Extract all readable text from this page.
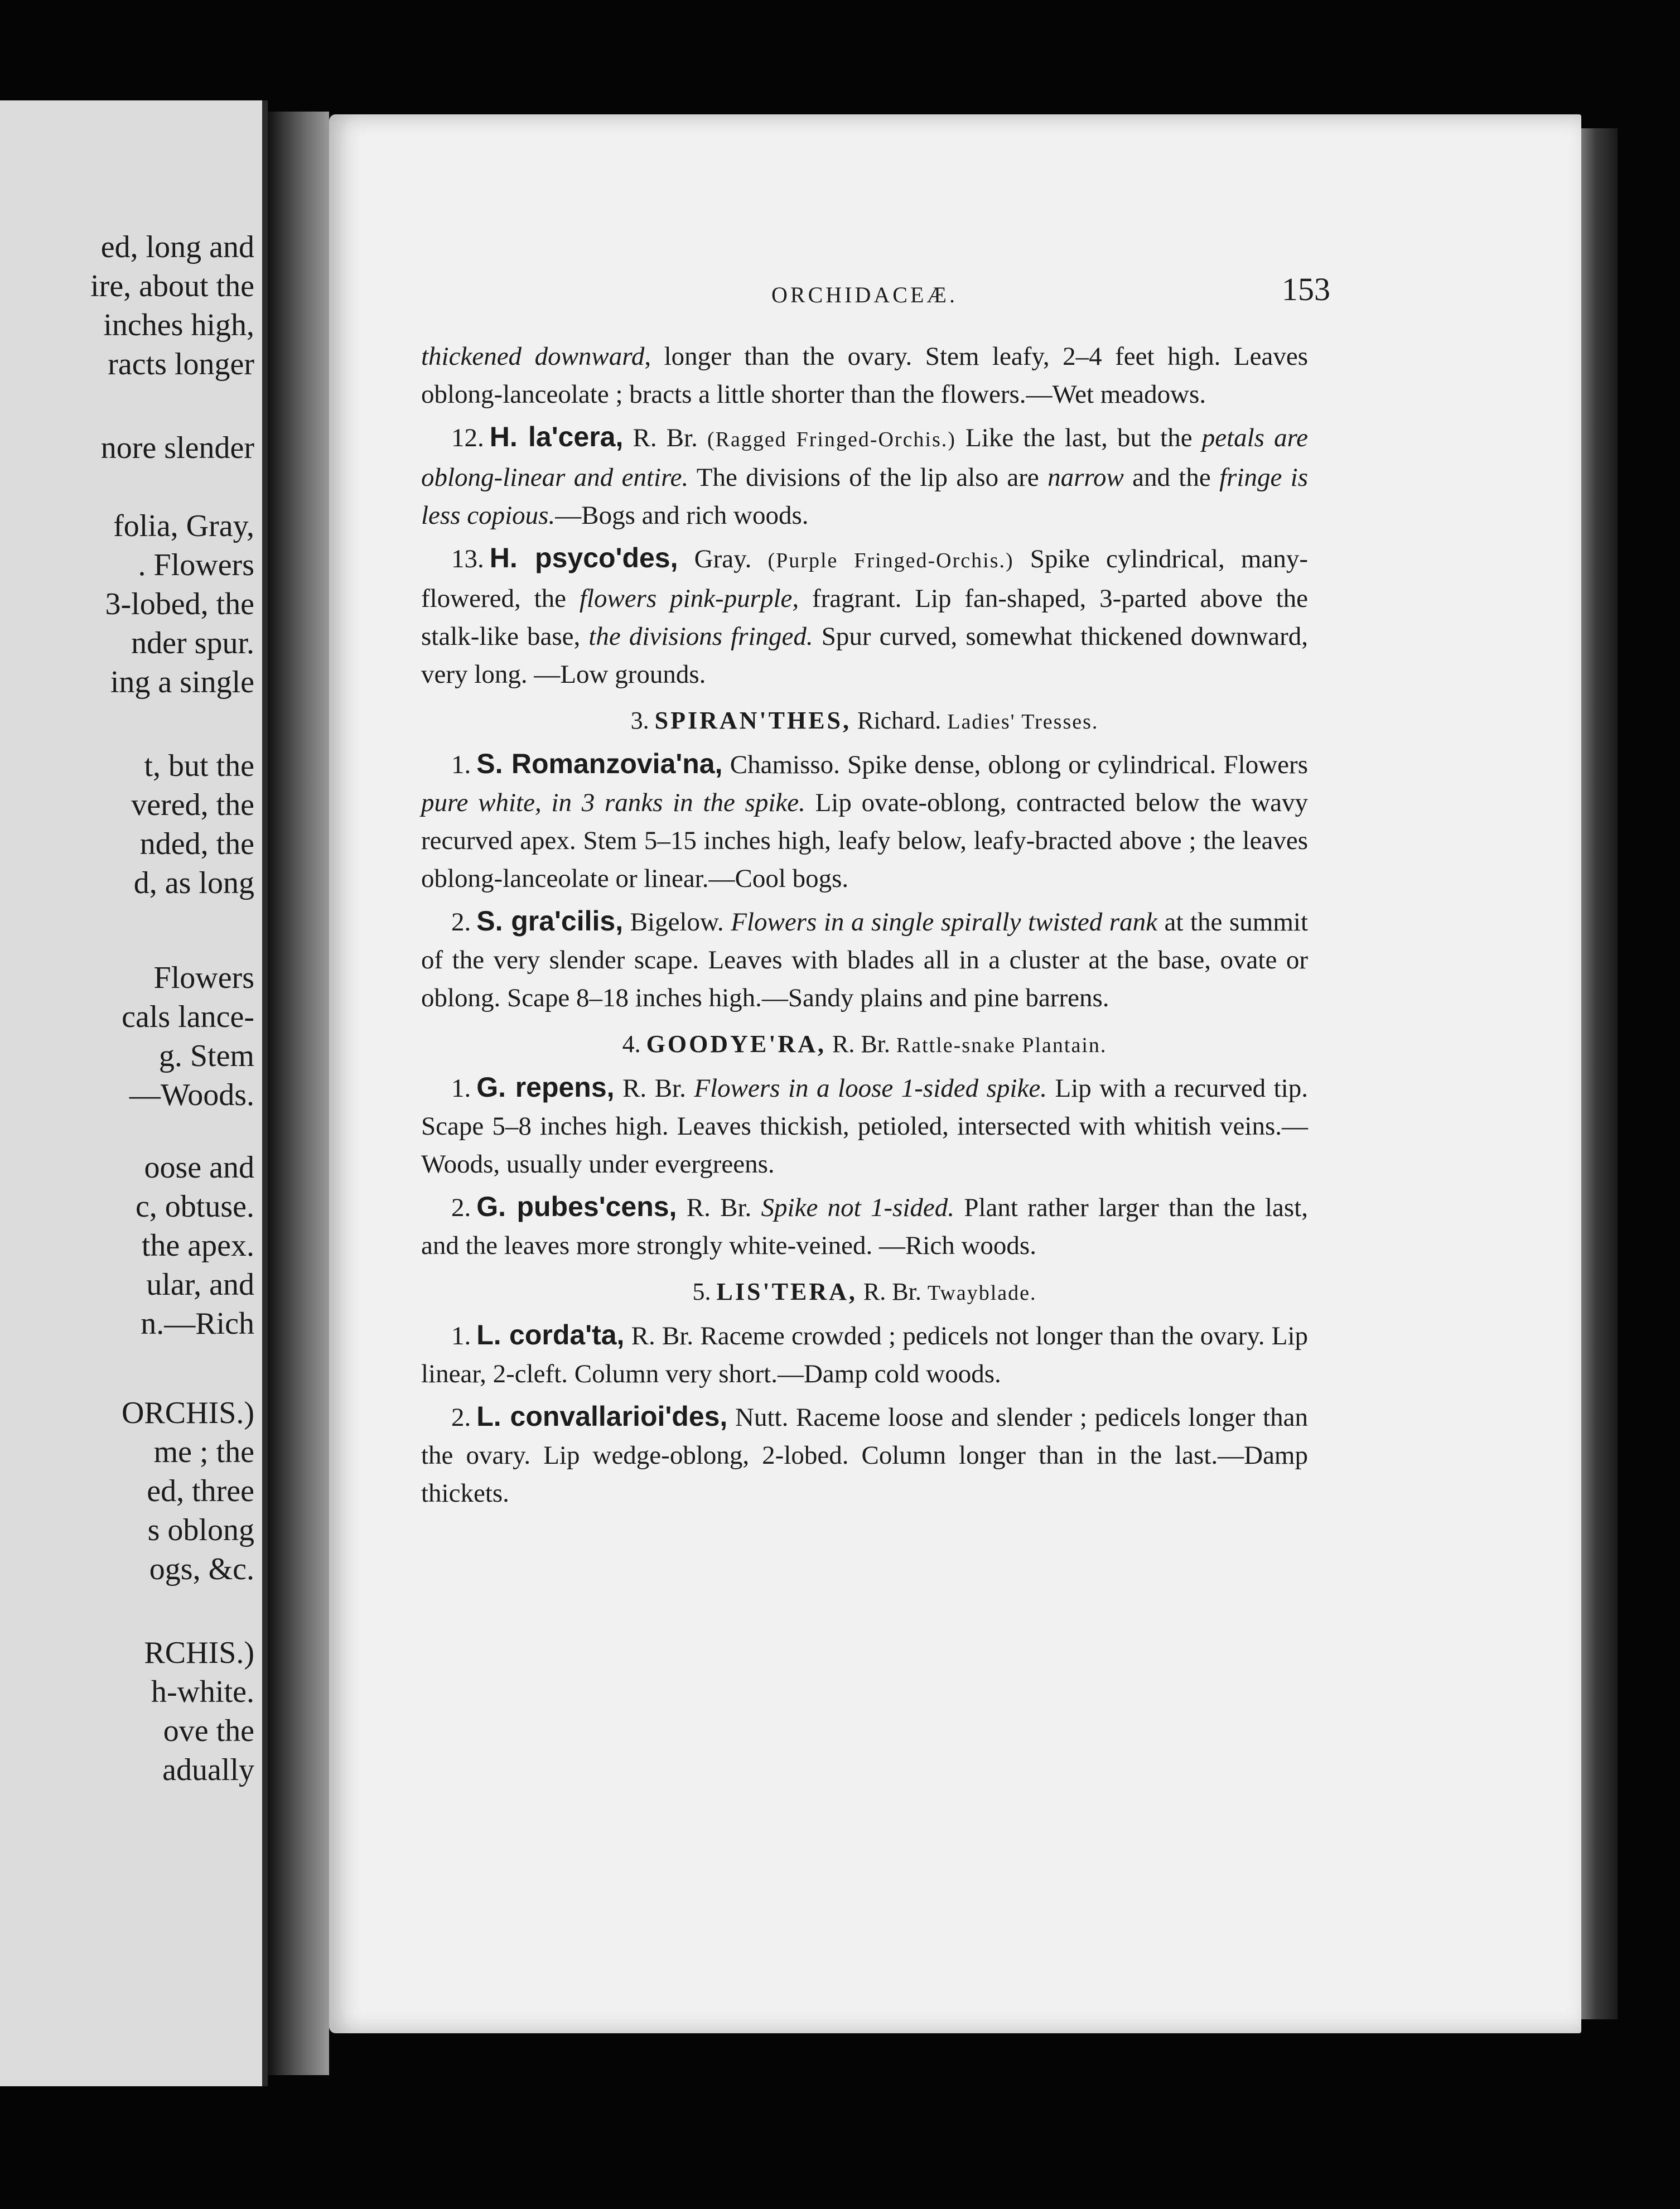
ed, long and
ire, about the
inches high,
racts longer
nore slender
folia, Gray,
. Flowers
3-lobed, the
nder spur.
ing a single
t, but the
vered, the
nded, the
d, as long
Flowers
cals lance-
g. Stem
—Woods.
oose and
c, obtuse.
the apex.
ular, and
n.—Rich
ORCHIS.)
me ; the
ed, three
s oblong
ogs, &c.
RCHIS.)
h-white.
ove the
adually
ORCHIDACEÆ.	153

thickened downward, longer than the ovary. Stem leafy, 2–4 feet high. Leaves oblong-lanceolate ; bracts a little shorter than the flowers.—Wet meadows.

12. H. la'cera, R. Br. (Ragged Fringed-Orchis.) Like the last, but the petals are oblong-linear and entire. The divisions of the lip also are narrow and the fringe is less copious.—Bogs and rich woods.

13. H. psyco'des, Gray. (Purple Fringed-Orchis.) Spike cylindrical, many-flowered, the flowers pink-purple, fragrant. Lip fan-shaped, 3-parted above the stalk-like base, the divisions fringed. Spur curved, somewhat thickened downward, very long. —Low grounds.

3. SPIRAN'THES, Richard. Ladies' Tresses.

1. S. Romanzovia'na, Chamisso. Spike dense, oblong or cylindrical. Flowers pure white, in 3 ranks in the spike. Lip ovate-oblong, contracted below the wavy recurved apex. Stem 5–15 inches high, leafy below, leafy-bracted above ; the leaves oblong-lanceolate or linear.—Cool bogs.

2. S. gra'cilis, Bigelow. Flowers in a single spirally twisted rank at the summit of the very slender scape. Leaves with blades all in a cluster at the base, ovate or oblong. Scape 8–18 inches high.—Sandy plains and pine barrens.

4. GOODYE'RA, R. Br. Rattle-snake Plantain.

1. G. repens, R. Br. Flowers in a loose 1-sided spike. Lip with a recurved tip. Scape 5–8 inches high. Leaves thickish, petioled, intersected with whitish veins.—Woods, usually under evergreens.

2. G. pubes'cens, R. Br. Spike not 1-sided. Plant rather larger than the last, and the leaves more strongly white-veined. —Rich woods.

5. LIS'TERA, R. Br. Twayblade.

1. L. corda'ta, R. Br. Raceme crowded ; pedicels not longer than the ovary. Lip linear, 2-cleft. Column very short.—Damp cold woods.

2. L. convallarioi'des, Nutt. Raceme loose and slender ; pedicels longer than the ovary. Lip wedge-oblong, 2-lobed. Column longer than in the last.—Damp thickets.
